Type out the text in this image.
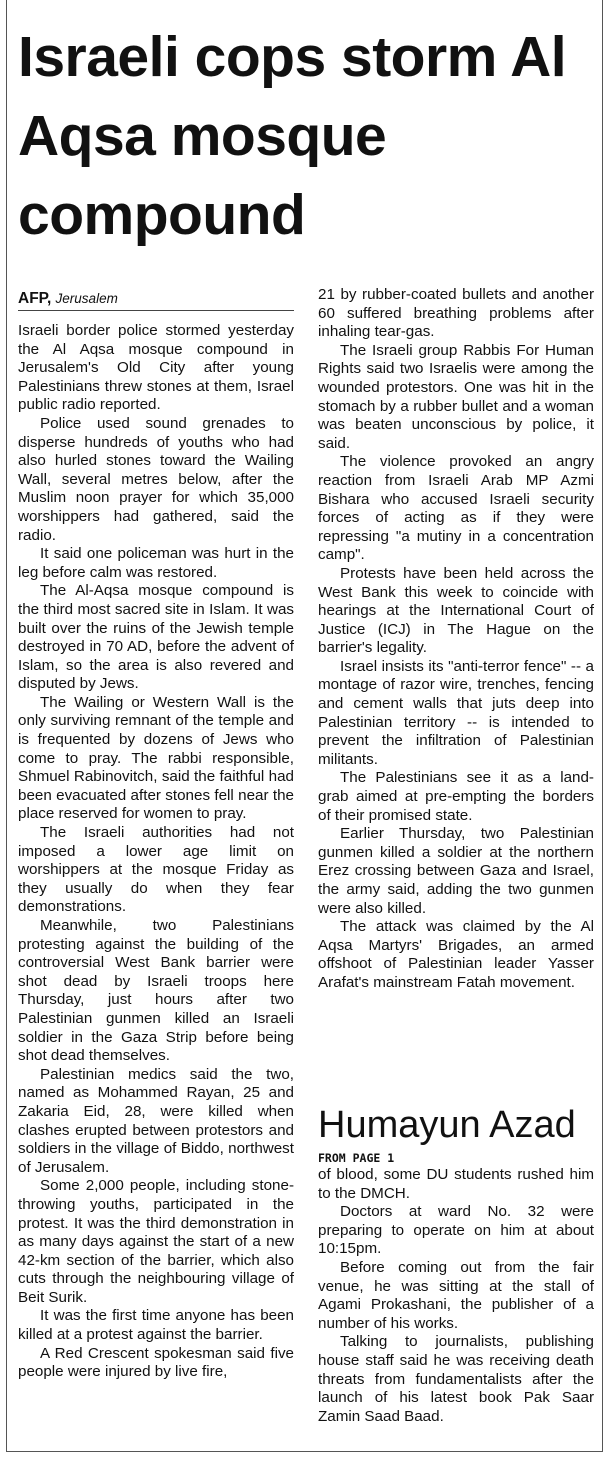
Israeli cops storm Al Aqsa mosque compound
AFP, Jerusalem

Israeli border police stormed yesterday the Al Aqsa mosque compound in Jerusalem's Old City after young Palestinians threw stones at them, Israel public radio reported.

Police used sound grenades to disperse hundreds of youths who had also hurled stones toward the Wailing Wall, several metres below, after the Muslim noon prayer for which 35,000 worshippers had gathered, said the radio.

It said one policeman was hurt in the leg before calm was restored.

The Al-Aqsa mosque compound is the third most sacred site in Islam. It was built over the ruins of the Jewish temple destroyed in 70 AD, before the advent of Islam, so the area is also revered and disputed by Jews.

The Wailing or Western Wall is the only surviving remnant of the temple and is frequented by dozens of Jews who come to pray. The rabbi responsible, Shmuel Rabinovitch, said the faithful had been evacuated after stones fell near the place reserved for women to pray.

The Israeli authorities had not imposed a lower age limit on worshippers at the mosque Friday as they usually do when they fear demonstrations.

Meanwhile, two Palestinians protesting against the building of the controversial West Bank barrier were shot dead by Israeli troops here Thursday, just hours after two Palestinian gunmen killed an Israeli soldier in the Gaza Strip before being shot dead themselves.

Palestinian medics said the two, named as Mohammed Rayan, 25 and Zakaria Eid, 28, were killed when clashes erupted between protestors and soldiers in the village of Biddo, northwest of Jerusalem.

Some 2,000 people, including stone-throwing youths, participated in the protest. It was the third demonstration in as many days against the start of a new 42-km section of the barrier, which also cuts through the neighbouring village of Beit Surik.

It was the first time anyone has been killed at a protest against the barrier.

A Red Crescent spokesman said five people were injured by live fire,

21 by rubber-coated bullets and another 60 suffered breathing problems after inhaling tear-gas.

The Israeli group Rabbis For Human Rights said two Israelis were among the wounded protestors. One was hit in the stomach by a rubber bullet and a woman was beaten unconscious by police, it said.

The violence provoked an angry reaction from Israeli Arab MP Azmi Bishara who accused Israeli security forces of acting as if they were repressing "a mutiny in a concentration camp".

Protests have been held across the West Bank this week to coincide with hearings at the International Court of Justice (ICJ) in The Hague on the barrier's legality.

Israel insists its "anti-terror fence" -- a montage of razor wire, trenches, fencing and cement walls that juts deep into Palestinian territory -- is intended to prevent the infiltration of Palestinian militants.

The Palestinians see it as a land-grab aimed at pre-empting the borders of their promised state.

Earlier Thursday, two Palestinian gunmen killed a soldier at the northern Erez crossing between Gaza and Israel, the army said, adding the two gunmen were also killed.

The attack was claimed by the Al Aqsa Martyrs' Brigades, an armed offshoot of Palestinian leader Yasser Arafat's mainstream Fatah movement.

Humayun Azad
FROM PAGE 1

of blood, some DU students rushed him to the DMCH.

Doctors at ward No. 32 were preparing to operate on him at about 10:15pm.

Before coming out from the fair venue, he was sitting at the stall of Agami Prokashani, the publisher of a number of his works.

Talking to journalists, publishing house staff said he was receiving death threats from fundamentalists after the launch of his latest book Pak Saar Zamin Saad Baad.
